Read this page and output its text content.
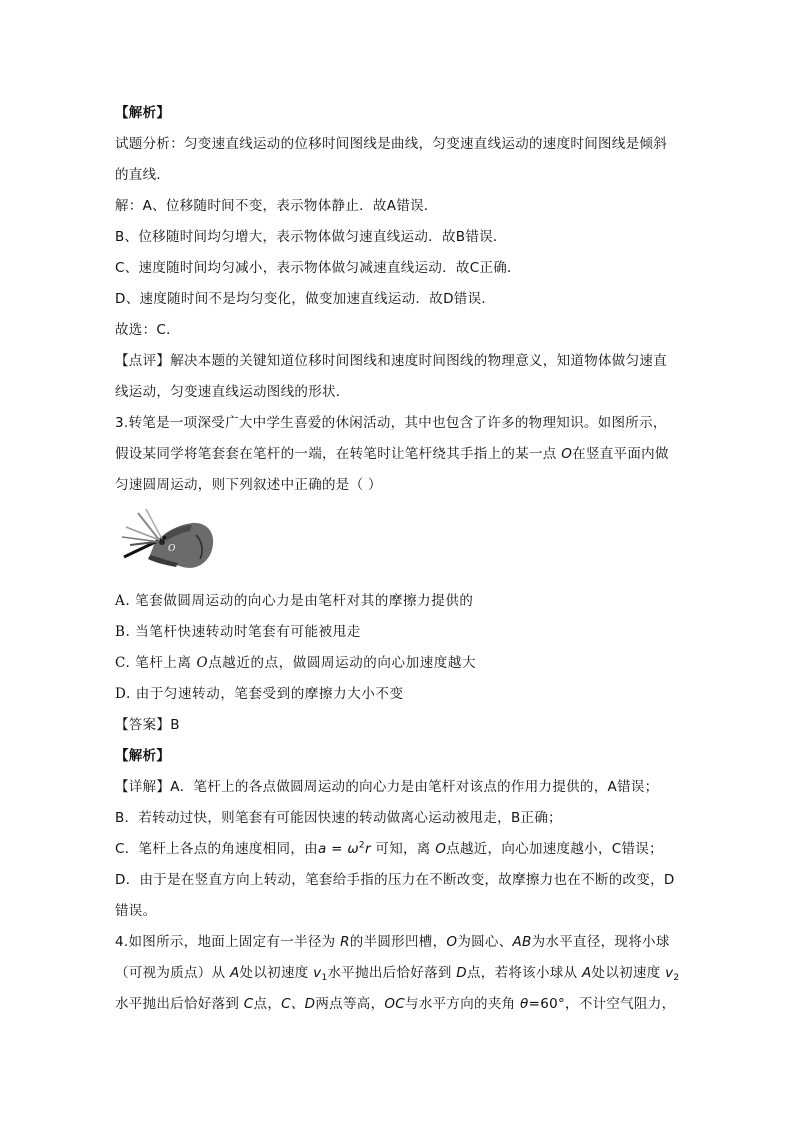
【解析】
试题分析：匀变速直线运动的位移时间图线是曲线，匀变速直线运动的速度时间图线是倾斜
的直线．
解：A、位移随时间不变，表示物体静止．故A错误．
B、位移随时间均匀增大，表示物体做匀速直线运动．故B错误．
C、速度随时间均匀减小，表示物体做匀减速直线运动．故C正确．
D、速度随时间不是均匀变化，做变加速直线运动．故D错误．
故选：C．
【点评】解决本题的关键知道位移时间图线和速度时间图线的物理意义，知道物体做匀速直
线运动，匀变速直线运动图线的形状．
3.转笔是一项深受广大中学生喜爱的休闲活动，其中也包含了许多的物理知识。如图所示，
假设某同学将笔套套在笔杆的一端，在转笔时让笔杆绕其手指上的某一点 O在竖直平面内做
匀速圆周运动，则下列叙述中正确的是（ ）
O
A. 笔套做圆周运动的向心力是由笔杆对其的摩擦力提供的
B. 当笔杆快速转动时笔套有可能被甩走
C. 笔杆上离 O点越近的点，做圆周运动的向心加速度越大
D. 由于匀速转动，笔套受到的摩擦力大小不变
【答案】B
【解析】
【详解】A．笔杆上的各点做圆周运动的向心力是由笔杆对该点的作用力提供的，A错误；
B．若转动过快，则笔套有可能因快速的转动做离心运动被甩走，B正确；
C．笔杆上各点的角速度相同，由$a = \omega^2r$ 可知，离 O点越近，向心加速度越小，C错误；
D．由于是在竖直方向上转动，笔套给手指的压力在不断改变，故摩擦力也在不断的改变，D
错误。
4.如图所示，地面上固定有一半径为 R的半圆形凹槽，O为圆心、AB为水平直径，现将小球
（可视为质点）从 A处以初速度 $v_1$水平抛出后恰好落到 D点，若将该小球从 A处以初速度 $v_2$
水平抛出后恰好落到 C点，C、D两点等高，OC与水平方向的夹角 θ=60°，不计空气阻力，
